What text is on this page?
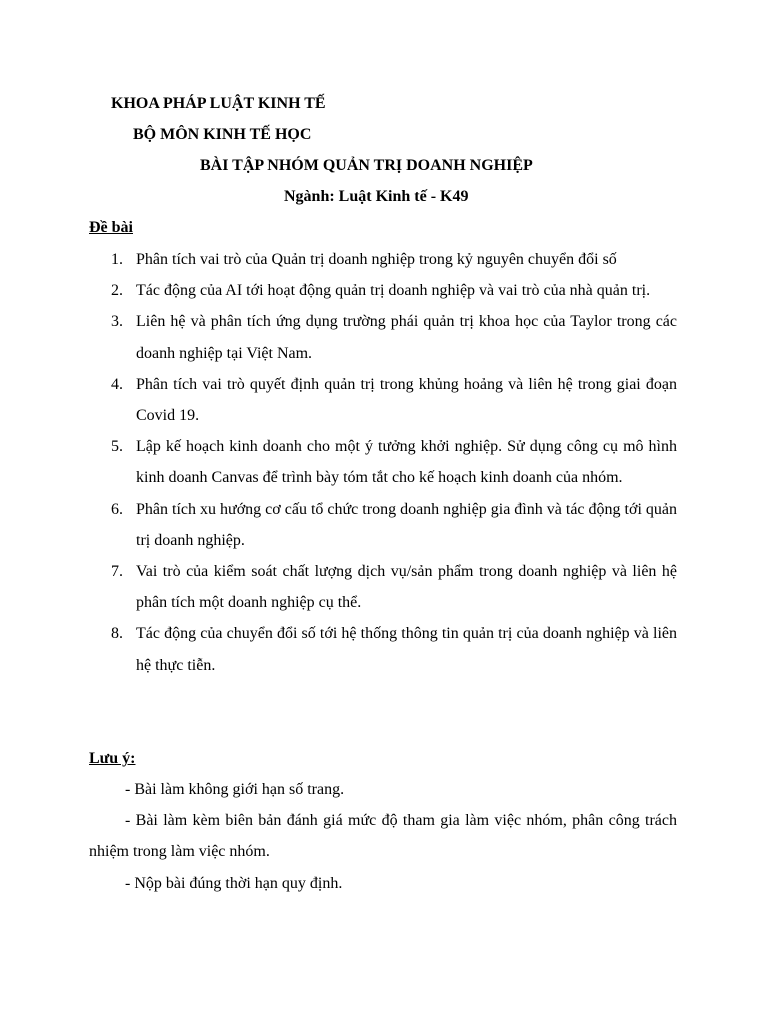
KHOA PHÁP LUẬT KINH TẾ
BỘ MÔN KINH TẾ HỌC
BÀI TẬP NHÓM QUẢN TRỊ DOANH NGHIỆP
Ngành: Luật Kinh tế - K49
Đề bài
1. Phân tích vai trò của Quản trị doanh nghiệp trong kỷ nguyên chuyển đổi số
2. Tác động của AI tới hoạt động quản trị doanh nghiệp và vai trò của nhà quản trị.
3. Liên hệ và phân tích ứng dụng trường phái quản trị khoa học của Taylor trong các doanh nghiệp tại Việt Nam.
4. Phân tích vai trò quyết định quản trị trong khủng hoảng và liên hệ trong giai đoạn Covid 19.
5. Lập kế hoạch kinh doanh cho một ý tưởng khởi nghiệp. Sử dụng công cụ mô hình kinh doanh Canvas để trình bày tóm tắt cho kế hoạch kinh doanh của nhóm.
6. Phân tích xu hướng cơ cấu tổ chức trong doanh nghiệp gia đình và tác động tới quản trị doanh nghiệp.
7. Vai trò của kiểm soát chất lượng dịch vụ/sản phẩm trong doanh nghiệp và liên hệ phân tích một doanh nghiệp cụ thể.
8. Tác động của chuyển đổi số tới hệ thống thông tin quản trị của doanh nghiệp và liên hệ thực tiễn.
Lưu ý:

- Bài làm không giới hạn số trang.

- Bài làm kèm biên bản đánh giá mức độ tham gia làm việc nhóm, phân công trách nhiệm trong làm việc nhóm.

- Nộp bài đúng thời hạn quy định.
